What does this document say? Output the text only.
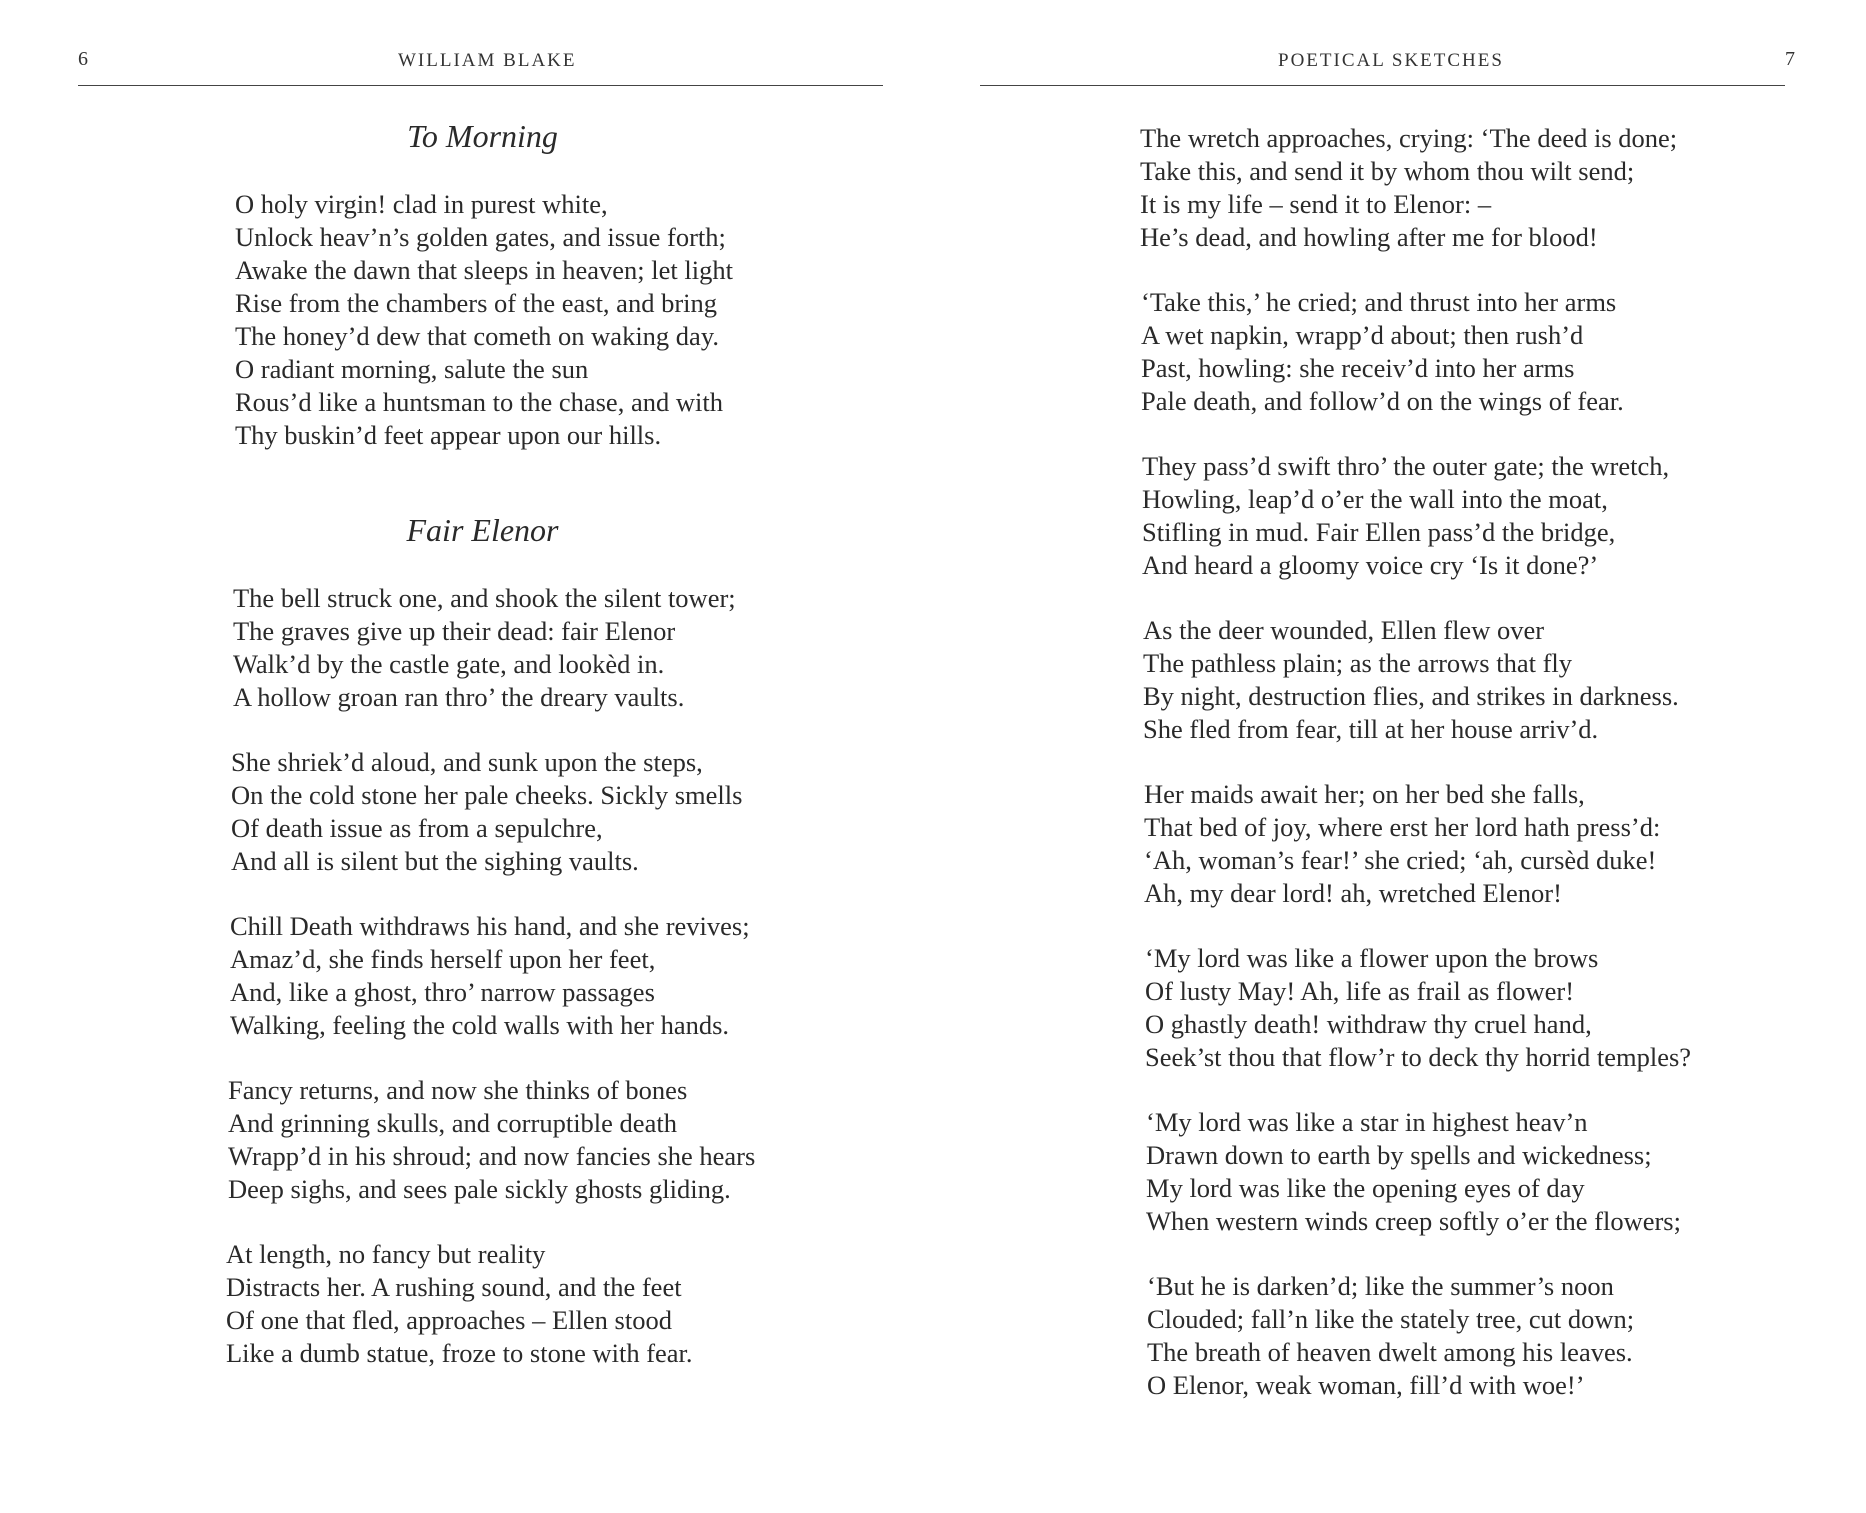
6	WILLIAM BLAKE
To Morning
O holy virgin! clad in purest white,
Unlock heav’n’s golden gates, and issue forth;
Awake the dawn that sleeps in heaven; let light
Rise from the chambers of the east, and bring
The honey’d dew that cometh on waking day.
O radiant morning, salute the sun
Rous’d like a huntsman to the chase, and with
Thy buskin’d feet appear upon our hills.
Fair Elenor
The bell struck one, and shook the silent tower;
The graves give up their dead: fair Elenor
Walk’d by the castle gate, and lookèd in.
A hollow groan ran thro’ the dreary vaults.
She shriek’d aloud, and sunk upon the steps,
On the cold stone her pale cheeks. Sickly smells
Of death issue as from a sepulchre,
And all is silent but the sighing vaults.
Chill Death withdraws his hand, and she revives;
Amaz’d, she finds herself upon her feet,
And, like a ghost, thro’ narrow passages
Walking, feeling the cold walls with her hands.
Fancy returns, and now she thinks of bones
And grinning skulls, and corruptible death
Wrapp’d in his shroud; and now fancies she hears
Deep sighs, and sees pale sickly ghosts gliding.
At length, no fancy but reality
Distracts her. A rushing sound, and the feet
Of one that fled, approaches – Ellen stood
Like a dumb statue, froze to stone with fear.
POETICAL SKETCHES	7
The wretch approaches, crying: ‘The deed is done;
Take this, and send it by whom thou wilt send;
It is my life – send it to Elenor: –
He’s dead, and howling after me for blood!
‘Take this,’ he cried; and thrust into her arms
A wet napkin, wrapp’d about; then rush’d
Past, howling: she receiv’d into her arms
Pale death, and follow’d on the wings of fear.
They pass’d swift thro’ the outer gate; the wretch,
Howling, leap’d o’er the wall into the moat,
Stifling in mud. Fair Ellen pass’d the bridge,
And heard a gloomy voice cry ‘Is it done?’
As the deer wounded, Ellen flew over
The pathless plain; as the arrows that fly
By night, destruction flies, and strikes in darkness.
She fled from fear, till at her house arriv’d.
Her maids await her; on her bed she falls,
That bed of joy, where erst her lord hath press’d:
‘Ah, woman’s fear!’ she cried; ‘ah, cursèd duke!
Ah, my dear lord! ah, wretched Elenor!
‘My lord was like a flower upon the brows
Of lusty May! Ah, life as frail as flower!
O ghastly death! withdraw thy cruel hand,
Seek’st thou that flow’r to deck thy horrid temples?
‘My lord was like a star in highest heav’n
Drawn down to earth by spells and wickedness;
My lord was like the opening eyes of day
When western winds creep softly o’er the flowers;
‘But he is darken’d; like the summer’s noon
Clouded; fall’n like the stately tree, cut down;
The breath of heaven dwelt among his leaves.
O Elenor, weak woman, fill’d with woe!’
